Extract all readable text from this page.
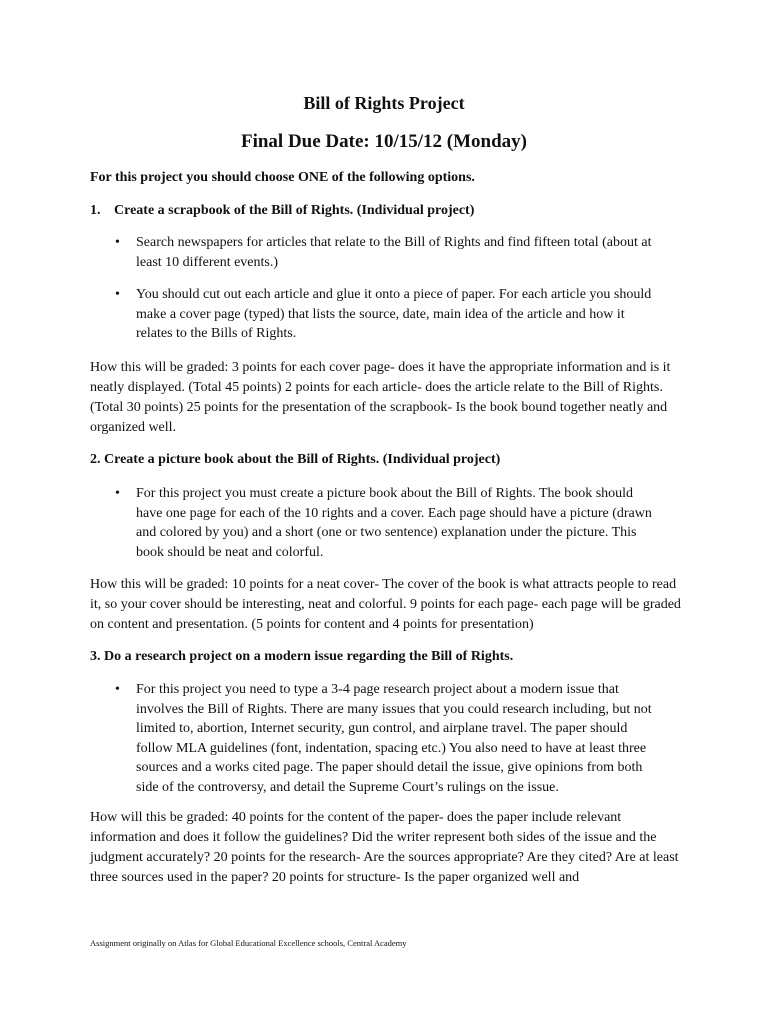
Bill of Rights Project
Final Due Date: 10/15/12 (Monday)

For this project you should choose ONE of the following options.

1. Create a scrapbook of the Bill of Rights. (Individual project)

• Search newspapers for articles that relate to the Bill of Rights and find fifteen total (about at least 10 different events.)
• You should cut out each article and glue it onto a piece of paper. For each article you should make a cover page (typed) that lists the source, date, main idea of the article and how it relates to the Bills of Rights.

How this will be graded: 3 points for each cover page- does it have the appropriate information and is it neatly displayed. (Total 45 points) 2 points for each article- does the article relate to the Bill of Rights. (Total 30 points) 25 points for the presentation of the scrapbook- Is the book bound together neatly and organized well.

2. Create a picture book about the Bill of Rights. (Individual project)

• For this project you must create a picture book about the Bill of Rights. The book should have one page for each of the 10 rights and a cover. Each page should have a picture (drawn and colored by you) and a short (one or two sentence) explanation under the picture. This book should be neat and colorful.

How this will be graded: 10 points for a neat cover- The cover of the book is what attracts people to read it, so your cover should be interesting, neat and colorful. 9 points for each page- each page will be graded on content and presentation. (5 points for content and 4 points for presentation)

3. Do a research project on a modern issue regarding the Bill of Rights.

• For this project you need to type a 3-4 page research project about a modern issue that involves the Bill of Rights. There are many issues that you could research including, but not limited to, abortion, Internet security, gun control, and airplane travel. The paper should follow MLA guidelines (font, indentation, spacing etc.) You also need to have at least three sources and a works cited page. The paper should detail the issue, give opinions from both side of the controversy, and detail the Supreme Court’s rulings on the issue.

How will this be graded: 40 points for the content of the paper- does the paper include relevant information and does it follow the guidelines? Did the writer represent both sides of the issue and the judgment accurately? 20 points for the research- Are the sources appropriate? Are they cited? Are at least three sources used in the paper? 20 points for structure- Is the paper organized well and

Assignment originally on Atlas for Global Educational Excellence schools, Central Academy
